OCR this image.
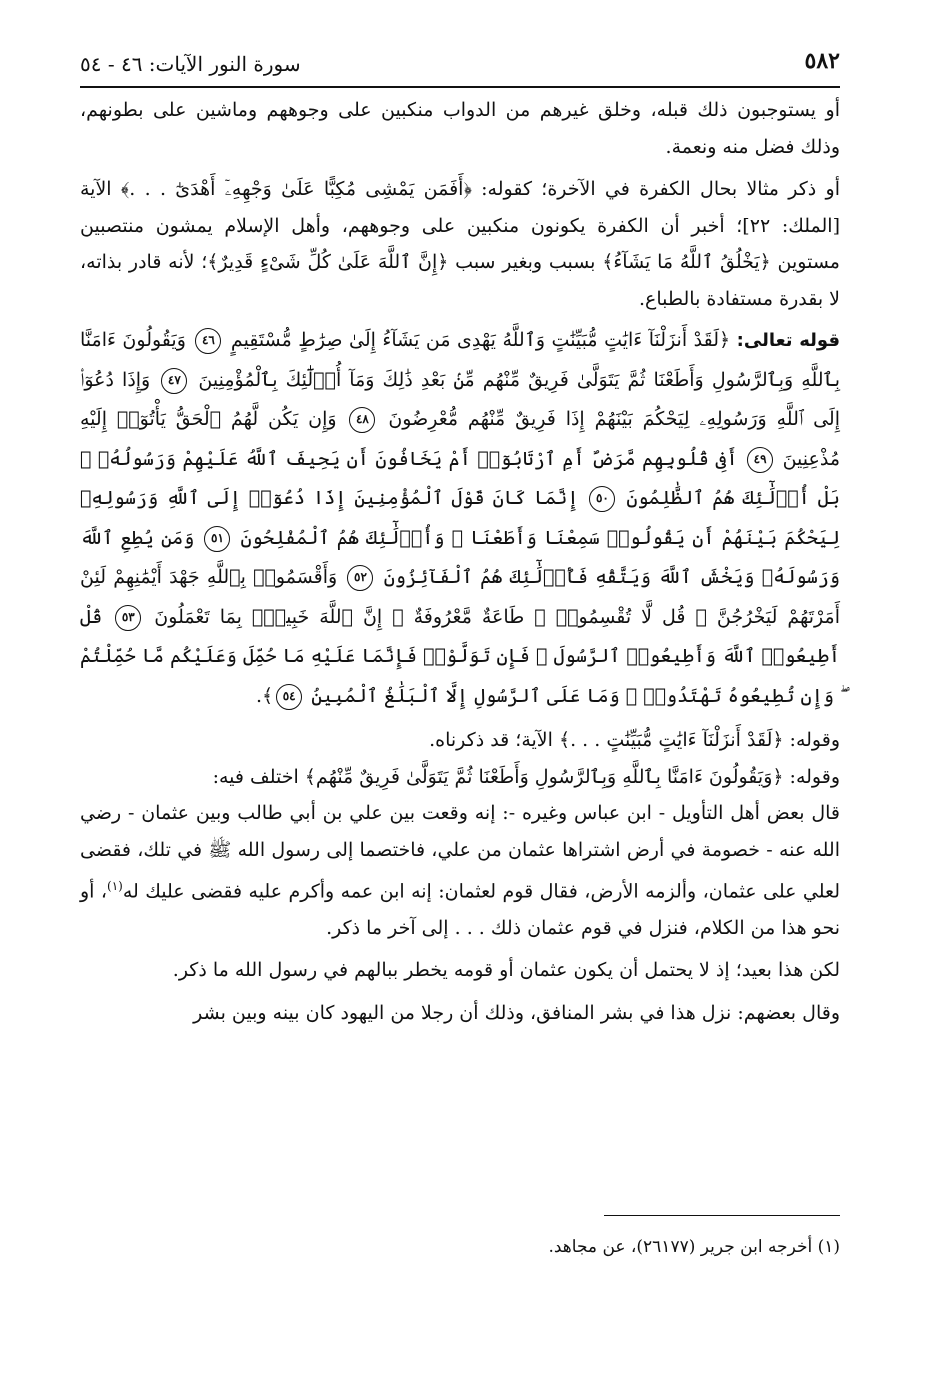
٥٨٢
سورة النور الآيات: ٤٦ - ٥٤

أو يستوجبون ذلك قبله، وخلق غيرهم من الدواب منكبين على وجوههم وماشين على بطونهم، وذلك فضل منه ونعمة.

أو ذكر مثالا بحال الكفرة في الآخرة؛ كقوله: ﴿أَفَمَن يَمْشِى مُكِبًّا عَلَىٰ وَجْهِهِۦٓ أَهْدَىٰٓ . . .﴾ الآية [الملك: ٢٢]؛ أخبر أن الكفرة يكونون منكبين على وجوههم، وأهل الإسلام يمشون منتصبين مستوين ﴿يَخْلُقُ ٱللَّهُ مَا يَشَآءُ﴾ بسبب وبغير سبب ﴿إِنَّ ٱللَّهَ عَلَىٰ كُلِّ شَىْءٍ قَدِيرٌ﴾؛ لأنه قادر بذاته، لا بقدرة مستفادة بالطباع.

قوله تعالى: ﴿لَقَدْ أَنزَلْنَآ ءَايَٰتٍ مُّبَيِّنَٰتٍ وَٱللَّهُ يَهْدِى مَن يَشَآءُ إِلَىٰ صِرَٰطٍ مُّسْتَقِيمٍ ٤٦ وَيَقُولُونَ ءَامَنَّا بِٱللَّهِ وَبِٱلرَّسُولِ وَأَطَعْنَا ثُمَّ يَتَوَلَّىٰ فَرِيقٌ مِّنْهُم مِّنۢ بَعْدِ ذَٰلِكَ وَمَآ أُو۟لَٰٓئِكَ بِٱلْمُؤْمِنِينَ ٤٧ وَإِذَا دُعُوٓا۟ إِلَى ٱللَّهِ وَرَسُولِهِۦ لِيَحْكُمَ بَيْنَهُمْ إِذَا فَرِيقٌ مِّنْهُم مُّعْرِضُونَ ٤٨ وَإِن يَكُن لَّهُمُ ٱلْحَقُّ يَأْتُوٓا۟ إِلَيْهِ مُذْعِنِينَ ٤٩ أَفِى قُلُوبِهِم مَّرَضٌ أَمِ ٱرْتَابُوٓا۟ أَمْ يَخَافُونَ أَن يَحِيفَ ٱللَّهُ عَلَيْهِمْ وَرَسُولُهُۥ ۚ بَلْ أُو۟لَٰٓئِكَ هُمُ ٱلظَّٰلِمُونَ ٥٠ إِنَّمَا كَانَ قَوْلَ ٱلْمُؤْمِنِينَ إِذَا دُعُوٓا۟ إِلَى ٱللَّهِ وَرَسُولِهِۦ لِيَحْكُمَ بَيْنَهُمْ أَن يَقُولُوا۟ سَمِعْنَا وَأَطَعْنَا ۚ وَأُو۟لَٰٓئِكَ هُمُ ٱلْمُفْلِحُونَ ٥١ وَمَن يُطِعِ ٱللَّهَ وَرَسُولَهُۥ وَيَخْشَ ٱللَّهَ وَيَتَّقْهِ فَأُو۟لَٰٓئِكَ هُمُ ٱلْفَآئِزُونَ ٥٢ وَأَقْسَمُوا۟ بِٱللَّهِ جَهْدَ أَيْمَٰنِهِمْ لَئِنْ أَمَرْتَهُمْ لَيَخْرُجُنَّ ۖ قُل لَّا تُقْسِمُوا۟ ۖ طَاعَةٌ مَّعْرُوفَةٌ ۚ إِنَّ ٱللَّهَ خَبِيرٌۢ بِمَا تَعْمَلُونَ ٥٣ قُلْ أَطِيعُوا۟ ٱللَّهَ وَأَطِيعُوا۟ ٱلرَّسُولَ ۖ فَإِن تَوَلَّوْا۟ فَإِنَّمَا عَلَيْهِ مَا حُمِّلَ وَعَلَيْكُم مَّا حُمِّلْتُمْ ۖ وَإِن تُطِيعُوهُ تَهْتَدُوا۟ ۚ وَمَا عَلَى ٱلرَّسُولِ إِلَّا ٱلْبَلَٰغُ ٱلْمُبِينُ ٥٤﴾.

وقوله: ﴿لَقَدْ أَنزَلْنَآ ءَايَٰتٍ مُّبَيِّنَٰتٍ . . .﴾ الآية؛ قد ذكرناه.

وقوله: ﴿وَيَقُولُونَ ءَامَنَّا بِٱللَّهِ وَبِٱلرَّسُولِ وَأَطَعْنَا ثُمَّ يَتَوَلَّىٰ فَرِيقٌ مِّنْهُم﴾ اختلف فيه:

قال بعض أهل التأويل - ابن عباس وغيره -: إنه وقعت بين علي بن أبي طالب وبين عثمان - رضي الله عنه - خصومة في أرض اشتراها عثمان من علي، فاختصما إلى رسول الله ﷺ في تلك، فقضى لعلي على عثمان، وألزمه الأرض، فقال قوم لعثمان: إنه ابن عمه وأكرم عليه فقضى عليك له$^{(١)}$، أو نحو هذا من الكلام، فنزل في قوم عثمان ذلك . . . إلى آخر ما ذكر.

لكن هذا بعيد؛ إذ لا يحتمل أن يكون عثمان أو قومه يخطر ببالهم في رسول الله ما ذكر.

وقال بعضهم: نزل هذا في بشر المنافق، وذلك أن رجلا من اليهود كان بينه وبين بشر

(١) أخرجه ابن جرير (٢٦١٧٧)، عن مجاهد.
